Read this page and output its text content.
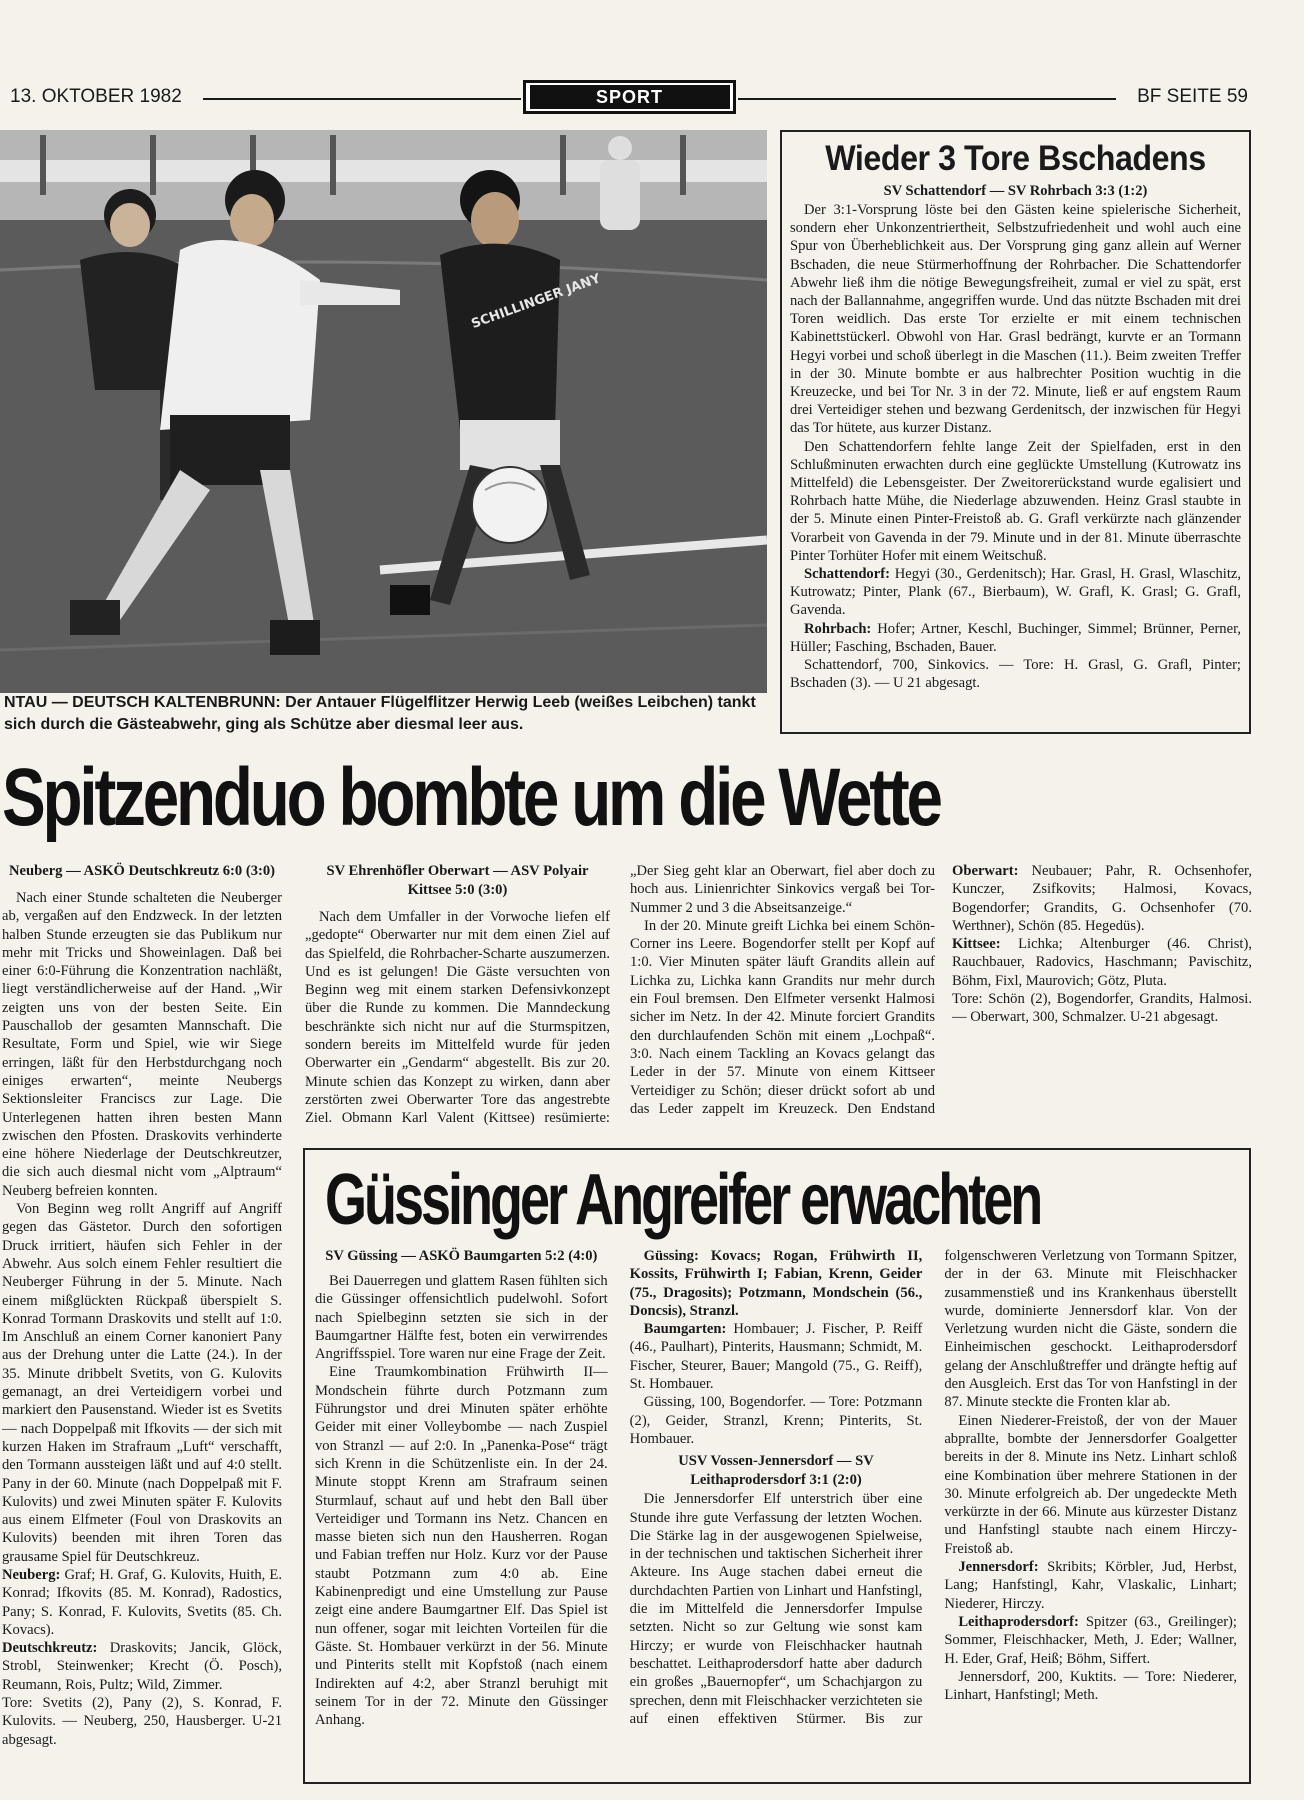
13. OKTOBER 1982	SPORT	BF SEITE 59
SCHILLINGER JANY
NTAU — DEUTSCH KALTENBRUNN: Der Antauer Flügelflitzer Herwig Leeb (weißes Leibchen) tankt sich durch die Gästeabwehr, ging als Schütze aber diesmal leer aus.
Wieder 3 Tore Bschadens
SV Schattendorf — SV Rohrbach 3:3 (1:2)

Der 3:1-Vorsprung löste bei den Gästen keine spielerische Sicherheit, sondern eher Unkonzentriertheit, Selbstzufriedenheit und wohl auch eine Spur von Überheblichkeit aus. Der Vorsprung ging ganz allein auf Werner Bschaden, die neue Stürmerhoffnung der Rohrbacher. Die Schattendorfer Abwehr ließ ihm die nötige Bewegungsfreiheit, zumal er viel zu spät, erst nach der Ballannahme, angegriffen wurde. Und das nützte Bschaden mit drei Toren weidlich. Das erste Tor erzielte er mit einem technischen Kabinettstückerl. Obwohl von Har. Grasl bedrängt, kurvte er an Tormann Hegyi vorbei und schoß überlegt in die Maschen (11.). Beim zweiten Treffer in der 30. Minute bombte er aus halbrechter Position wuchtig in die Kreuzecke, und bei Tor Nr. 3 in der 72. Minute, ließ er auf engstem Raum drei Verteidiger stehen und bezwang Gerdenitsch, der inzwischen für Hegyi das Tor hütete, aus kurzer Distanz.

Den Schattendorfern fehlte lange Zeit der Spielfaden, erst in den Schlußminuten erwachten durch eine geglückte Umstellung (Kutrowatz ins Mittelfeld) die Lebensgeister. Der Zweitorerückstand wurde egalisiert und Rohrbach hatte Mühe, die Niederlage abzuwenden. Heinz Grasl staubte in der 5. Minute einen Pinter-Freistoß ab. G. Grafl verkürzte nach glänzender Vorarbeit von Gavenda in der 79. Minute und in der 81. Minute überraschte Pinter Torhüter Hofer mit einem Weitschuß.

Schattendorf: Hegyi (30., Gerdenitsch); Har. Grasl, H. Grasl, Wlaschitz, Kutrowatz; Pinter, Plank (67., Bierbaum), W. Grafl, K. Grasl; G. Grafl, Gavenda.

Rohrbach: Hofer; Artner, Keschl, Buchinger, Simmel; Brünner, Perner, Hüller; Fasching, Bschaden, Bauer.

Schattendorf, 700, Sinkovics. — Tore: H. Grasl, G. Grafl, Pinter; Bschaden (3). — U 21 abgesagt.

Spitzenduo bombte um die Wette

Neuberg — ASKÖ Deutschkreutz 6:0 (3:0)

Nach einer Stunde schalteten die Neuberger ab, vergaßen auf den Endzweck. In der letzten halben Stunde erzeugten sie das Publikum nur mehr mit Tricks und Showeinlagen. Daß bei einer 6:0-Führung die Konzentration nachläßt, liegt verständlicherweise auf der Hand. „Wir zeigten uns von der besten Seite. Ein Pauschallob der gesamten Mannschaft. Die Resultate, Form und Spiel, wie wir Siege erringen, läßt für den Herbstdurchgang noch einiges erwarten“, meinte Neubergs Sektionsleiter Franciscs zur Lage. Die Unterlegenen hatten ihren besten Mann zwischen den Pfosten. Draskovits verhinderte eine höhere Niederlage der Deutschkreutzer, die sich auch diesmal nicht vom „Alptraum“ Neuberg befreien konnten.

Von Beginn weg rollt Angriff auf Angriff gegen das Gästetor. Durch den sofortigen Druck irritiert, häufen sich Fehler in der Abwehr. Aus solch einem Fehler resultiert die Neuberger Führung in der 5. Minute. Nach einem mißglückten Rückpaß überspielt S. Konrad Tormann Draskovits und stellt auf 1:0. Im Anschluß an einem Corner kanoniert Pany aus der Drehung unter die Latte (24.). In der 35. Minute dribbelt Svetits, von G. Kulovits gemanagt, an drei Verteidigern vorbei und markiert den Pausenstand. Wieder ist es Svetits — nach Doppelpaß mit Ifkovits — der sich mit kurzen Haken im Strafraum „Luft“ verschafft, den Tormann aussteigen läßt und auf 4:0 stellt. Pany in der 60. Minute (nach Doppelpaß mit F. Kulovits) und zwei Minuten später F. Kulovits aus einem Elfmeter (Foul von Draskovits an Kulovits) beenden mit ihren Toren das grausame Spiel für Deutschkreuz.

Neuberg: Graf; H. Graf, G. Kulovits, Huith, E. Konrad; Ifkovits (85. M. Konrad), Radostics, Pany; S. Konrad, F. Kulovits, Svetits (85. Ch. Kovacs).

Deutschkreutz: Draskovits; Jancik, Glöck, Strobl, Steinwenker; Krecht (Ö. Posch), Reumann, Rois, Pultz; Wild, Zimmer.

Tore: Svetits (2), Pany (2), S. Konrad, F. Kulovits. — Neuberg, 250, Hausberger. U-21 abgesagt.

SV Ehrenhöfler Oberwart — ASV Polyair Kittsee 5:0 (3:0)

Nach dem Umfaller in der Vorwoche liefen elf „gedopte“ Oberwarter nur mit dem einen Ziel auf das Spielfeld, die Rohrbacher-Scharte auszumerzen. Und es ist gelungen! Die Gäste versuchten von Beginn weg mit einem starken Defensivkonzept über die Runde zu kommen. Die Manndeckung beschränkte sich nicht nur auf die Sturmspitzen, sondern bereits im Mittelfeld wurde für jeden Oberwarter ein „Gendarm“ abgestellt. Bis zur 20. Minute schien das Konzept zu wirken, dann aber zerstörten zwei Oberwarter Tore das angestrebte Ziel. Obmann Karl Valent (Kittsee) resümierte: „Der Sieg geht klar an Oberwart, fiel aber doch zu hoch aus. Linienrichter Sinkovics vergaß bei Tor-Nummer 2 und 3 die Abseitsanzeige.“

In der 20. Minute greift Lichka bei einem Schön-Corner ins Leere. Bogendorfer stellt per Kopf auf 1:0. Vier Minuten später läuft Grandits allein auf Lichka zu, Lichka kann Grandits nur mehr durch ein Foul bremsen. Den Elfmeter versenkt Halmosi sicher im Netz. In der 42. Minute forciert Grandits den durchlaufenden Schön mit einem „Lochpaß“. 3:0. Nach einem Tackling an Kovacs gelangt das Leder in der 57. Minute von einem Kittseer Verteidiger zu Schön; dieser drückt sofort ab und das Leder zappelt im Kreuzeck. Den Endstand

Oberwart: Neubauer; Pahr, R. Ochsenhofer, Kunczer, Zsifkovits; Halmosi, Kovacs, Bogendorfer; Grandits, G. Ochsenhofer (70. Werthner), Schön (85. Hegedüs).

Kittsee: Lichka; Altenburger (46. Christ), Rauchbauer, Radovics, Haschmann; Pavischitz, Böhm, Fixl, Maurovich; Götz, Pluta.

Tore: Schön (2), Bogendorfer, Grandits, Halmosi. — Oberwart, 300, Schmalzer. U-21 abgesagt.

Güssinger Angreifer erwachten

SV Güssing — ASKÖ Baumgarten 5:2 (4:0)

Bei Dauerregen und glattem Rasen fühlten sich die Güssinger offensichtlich pudelwohl. Sofort nach Spielbeginn setzten sie sich in der Baumgartner Hälfte fest, boten ein verwirrendes Angriffsspiel. Tore waren nur eine Frage der Zeit.

Eine Traumkombination Frühwirth II—Mondschein führte durch Potzmann zum Führungstor und drei Minuten später erhöhte Geider mit einer Volleybombe — nach Zuspiel von Stranzl — auf 2:0. In „Panenka-Pose“ trägt sich Krenn in die Schützenliste ein. In der 24. Minute stoppt Krenn am Strafraum seinen Sturmlauf, schaut auf und hebt den Ball über Verteidiger und Tormann ins Netz. Chancen en masse bieten sich nun den Hausherren. Rogan und Fabian treffen nur Holz. Kurz vor der Pause staubt Potzmann zum 4:0 ab. Eine Kabinenpredigt und eine Umstellung zur Pause zeigt eine andere Baumgartner Elf. Das Spiel ist nun offener, sogar mit leichten Vorteilen für die Gäste. St. Hombauer verkürzt in der 56. Minute und Pinterits stellt mit Kopfstoß (nach einem Indirekten auf 4:2, aber Stranzl beruhigt mit seinem Tor in der 72. Minute den Güssinger Anhang.

Güssing: Kovacs; Rogan, Frühwirth II, Kossits, Frühwirth I; Fabian, Krenn, Geider (75., Dragosits); Potzmann, Mondschein (56., Doncsis), Stranzl.

Baumgarten: Hombauer; J. Fischer, P. Reiff (46., Paulhart), Pinterits, Hausmann; Schmidt, M. Fischer, Steurer, Bauer; Mangold (75., G. Reiff), St. Hombauer.

Güssing, 100, Bogendorfer. — Tore: Potzmann (2), Geider, Stranzl, Krenn; Pinterits, St. Hombauer.

USV Vossen-Jennersdorf — SV Leithaprodersdorf 3:1 (2:0)

Die Jennersdorfer Elf unterstrich über eine Stunde ihre gute Verfassung der letzten Wochen. Die Stärke lag in der ausgewogenen Spielweise, in der technischen und taktischen Sicherheit ihrer Akteure. Ins Auge stachen dabei erneut die durchdachten Partien von Linhart und Hanfstingl, die im Mittelfeld die Jennersdorfer Impulse setzten. Nicht so zur Geltung wie sonst kam Hirczy; er wurde von Fleischhacker hautnah beschattet. Leithaprodersdorf hatte aber dadurch ein großes „Bauernopfer“, um Schachjargon zu sprechen, denn mit Fleischhacker verzichteten sie auf einen effektiven Stürmer. Bis zur folgenschweren Verletzung von Tormann Spitzer, der in der 63. Minute mit Fleischhacker zusammenstieß und ins Krankenhaus überstellt wurde, dominierte Jennersdorf klar. Von der Verletzung wurden nicht die Gäste, sondern die Einheimischen geschockt. Leithaprodersdorf gelang der Anschlußtreffer und drängte heftig auf den Ausgleich. Erst das Tor von Hanfstingl in der 87. Minute steckte die Fronten klar ab.

Einen Niederer-Freistoß, der von der Mauer abprallte, bombte der Jennersdorfer Goalgetter bereits in der 8. Minute ins Netz. Linhart schloß eine Kombination über mehrere Stationen in der 30. Minute erfolgreich ab. Der ungedeckte Meth verkürzte in der 66. Minute aus kürzester Distanz und Hanfstingl staubte nach einem Hirczy-Freistoß ab.

Jennersdorf: Skribits; Körbler, Jud, Herbst, Lang; Hanfstingl, Kahr, Vlaskalic, Linhart; Niederer, Hirczy.

Leithaprodersdorf: Spitzer (63., Greilinger); Sommer, Fleischhacker, Meth, J. Eder; Wallner, H. Eder, Graf, Heiß; Böhm, Siffert.

Jennersdorf, 200, Kuktits. — Tore: Niederer, Linhart, Hanfstingl; Meth.
